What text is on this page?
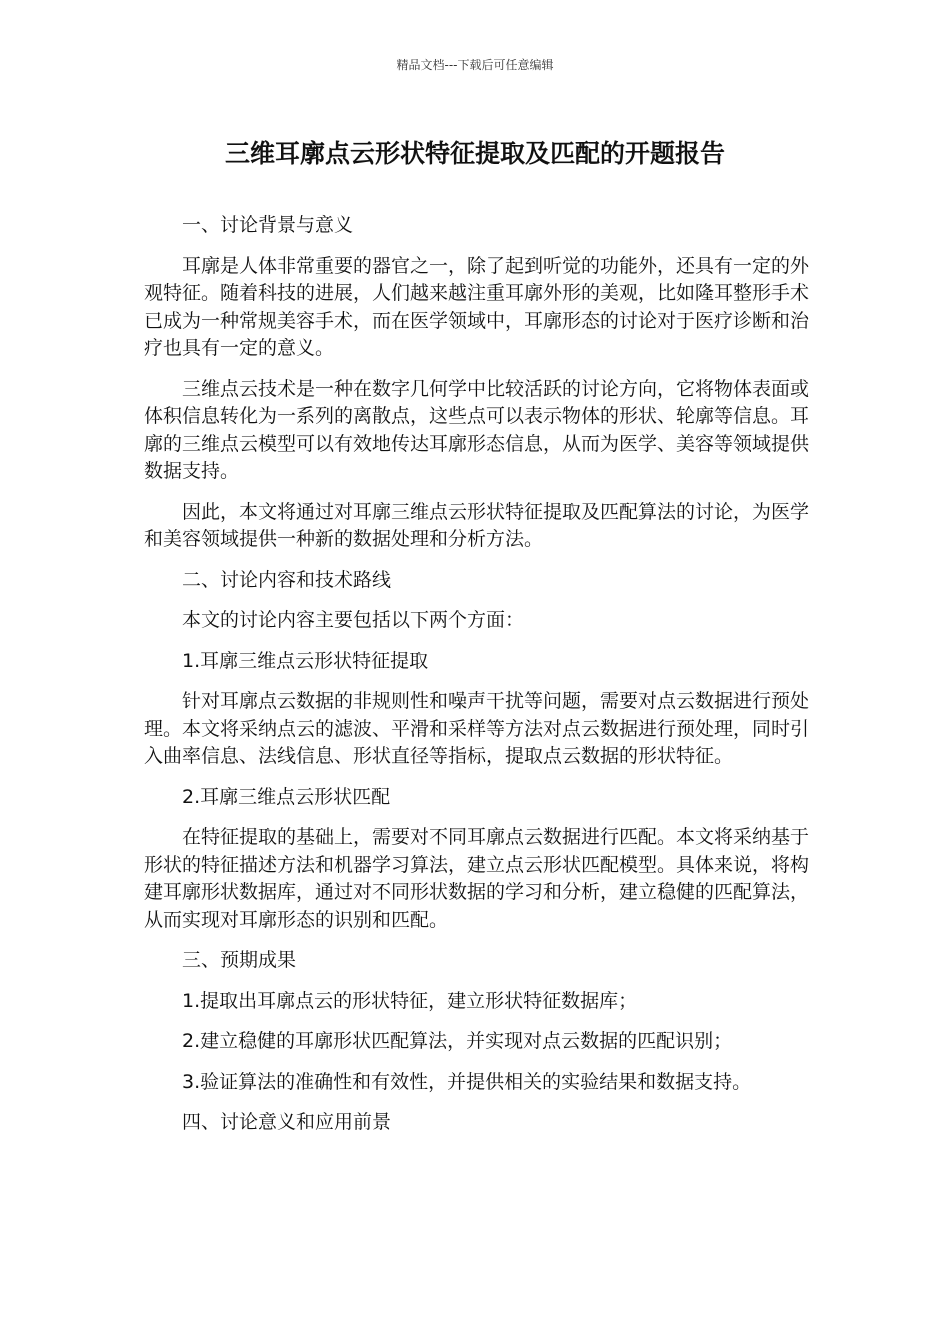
精品文档---下载后可任意编辑
三维耳廓点云形状特征提取及匹配的开题报告

一、讨论背景与意义

耳廓是人体非常重要的器官之一，除了起到听觉的功能外，还具有一定的外观特征。随着科技的进展，人们越来越注重耳廓外形的美观，比如隆耳整形手术已成为一种常规美容手术，而在医学领域中，耳廓形态的讨论对于医疗诊断和治疗也具有一定的意义。

三维点云技术是一种在数字几何学中比较活跃的讨论方向，它将物体表面或体积信息转化为一系列的离散点，这些点可以表示物体的形状、轮廓等信息。耳廓的三维点云模型可以有效地传达耳廓形态信息，从而为医学、美容等领域提供数据支持。

因此，本文将通过对耳廓三维点云形状特征提取及匹配算法的讨论，为医学和美容领域提供一种新的数据处理和分析方法。

二、讨论内容和技术路线

本文的讨论内容主要包括以下两个方面：

1.耳廓三维点云形状特征提取

针对耳廓点云数据的非规则性和噪声干扰等问题，需要对点云数据进行预处理。本文将采纳点云的滤波、平滑和采样等方法对点云数据进行预处理，同时引入曲率信息、法线信息、形状直径等指标，提取点云数据的形状特征。

2.耳廓三维点云形状匹配

在特征提取的基础上，需要对不同耳廓点云数据进行匹配。本文将采纳基于形状的特征描述方法和机器学习算法，建立点云形状匹配模型。具体来说，将构建耳廓形状数据库，通过对不同形状数据的学习和分析，建立稳健的匹配算法，从而实现对耳廓形态的识别和匹配。

三、预期成果

1.提取出耳廓点云的形状特征，建立形状特征数据库；

2.建立稳健的耳廓形状匹配算法，并实现对点云数据的匹配识别；

3.验证算法的准确性和有效性，并提供相关的实验结果和数据支持。

四、讨论意义和应用前景
